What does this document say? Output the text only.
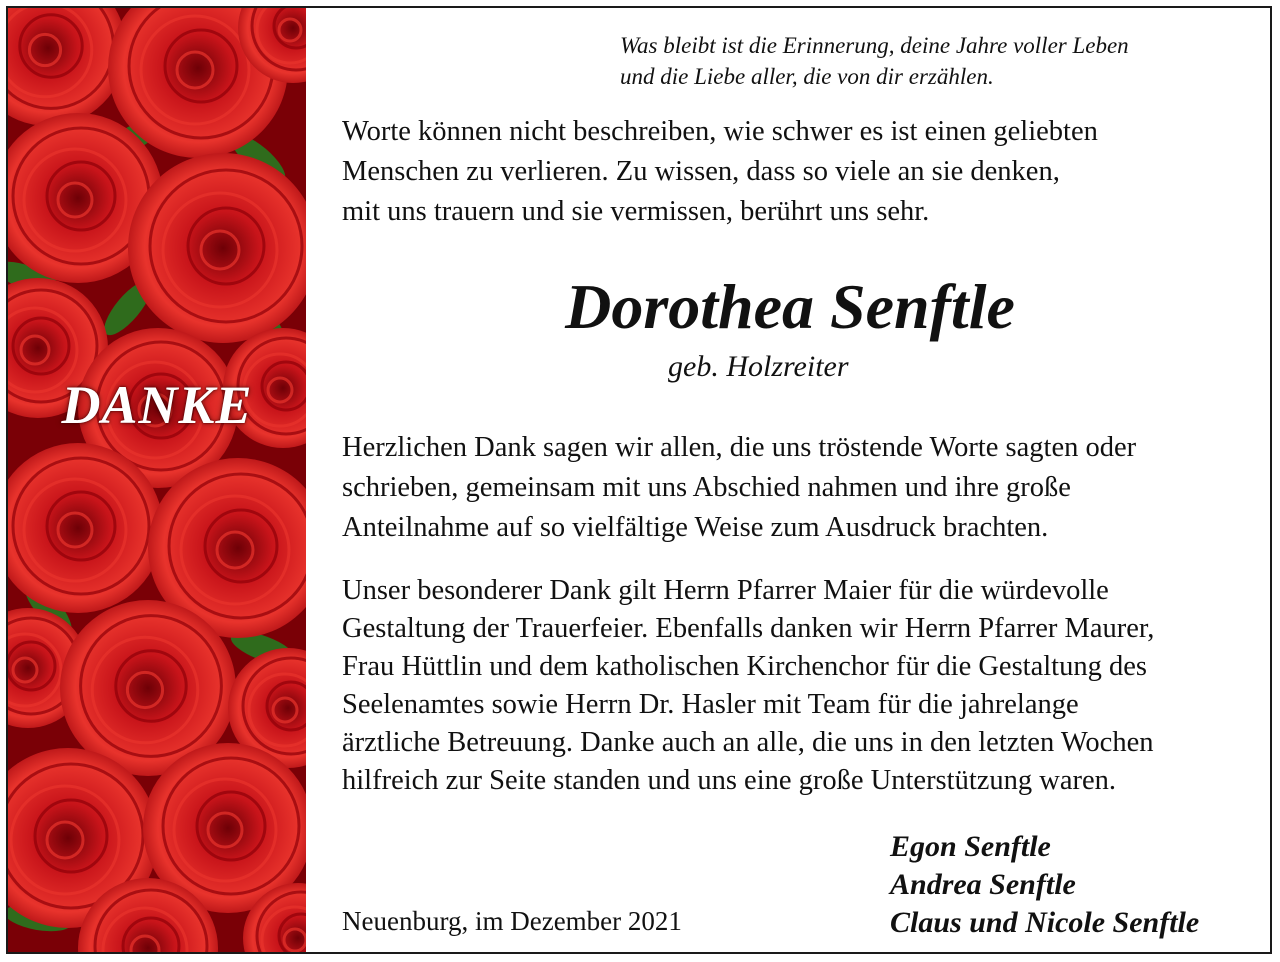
DANKE
Was bleibt ist die Erinnerung, deine Jahre voller Leben
und die Liebe aller, die von dir erzählen.
Worte können nicht beschreiben, wie schwer es ist einen geliebten
Menschen zu verlieren. Zu wissen, dass so viele an sie denken,
mit uns trauern und sie vermissen, berührt uns sehr.
Dorothea Senftle
geb. Holzreiter
Herzlichen Dank sagen wir allen, die uns tröstende Worte sagten oder
schrieben, gemeinsam mit uns Abschied nahmen und ihre große
Anteilnahme auf so vielfältige Weise zum Ausdruck brachten.
Unser besonderer Dank gilt Herrn Pfarrer Maier für die würdevolle
Gestaltung der Trauerfeier. Ebenfalls danken wir Herrn Pfarrer Maurer,
Frau Hüttlin und dem katholischen Kirchenchor für die Gestaltung des
Seelenamtes sowie Herrn Dr. Hasler mit Team für die jahrelange
ärztliche Betreuung. Danke auch an alle, die uns in den letzten Wochen
hilfreich zur Seite standen und uns eine große Unterstützung waren.
Neuenburg, im Dezember 2021
Egon Senftle
Andrea Senftle
Claus und Nicole Senftle
